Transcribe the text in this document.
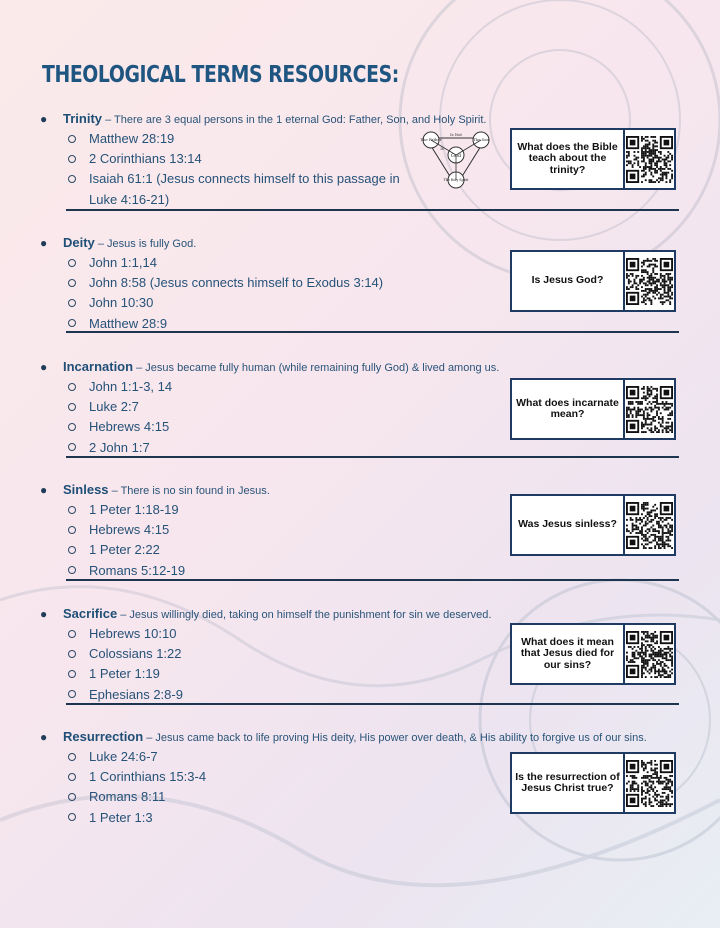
THEOLOGICAL TERMS RESOURCES:
The Father	The Son
The Holy Spirit
God
Is Not
Is
● Trinity – There are 3 equal persons in the 1 eternal God: Father, Son, and Holy Spirit.
Matthew 28:19
2 Corinthians 13:14
Isaiah 61:1 (Jesus connects himself to this passage in
Luke 4:16-21)
What does the Bible teach about the trinity?
● Deity – Jesus is fully God.
John 1:1,14
John 8:58 (Jesus connects himself to Exodus 3:14)
John 10:30
Matthew 28:9
Is Jesus God?
● Incarnation – Jesus became fully human (while remaining fully God) & lived among us.
John 1:1-3, 14
Luke 2:7
Hebrews 4:15
2 John 1:7
What does incarnate mean?
● Sinless – There is no sin found in Jesus.
1 Peter 1:18-19
Hebrews 4:15
1 Peter 2:22
Romans 5:12-19
Was Jesus sinless?
● Sacrifice – Jesus willingly died, taking on himself the punishment for sin we deserved.
Hebrews 10:10
Colossians 1:22
1 Peter 1:19
Ephesians 2:8-9
What does it mean that Jesus died for our sins?
● Resurrection – Jesus came back to life proving His deity, His power over death, & His ability to forgive us of our sins.
Luke 24:6-7
1 Corinthians 15:3-4
Romans 8:11
1 Peter 1:3
Is the resurrection of Jesus Christ true?
